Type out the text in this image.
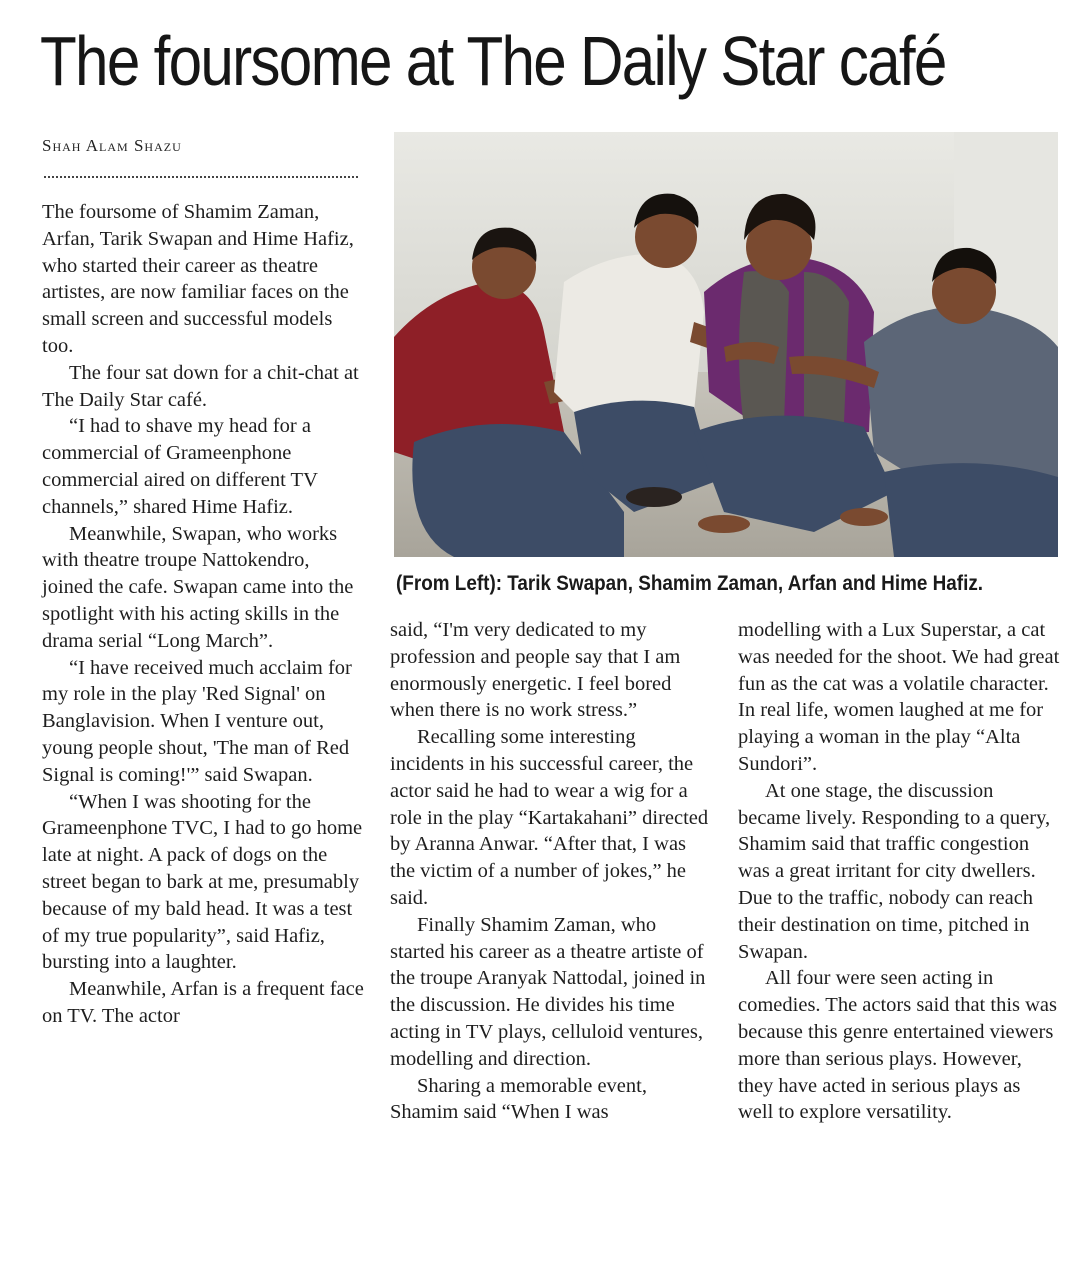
The foursome at The Daily Star café
Shah Alam Shazu

The foursome of Shamim Zaman, Arfan, Tarik Swapan and Hime Hafiz, who started their career as theatre artistes, are now familiar faces on the small screen and successful models too.

The four sat down for a chit-chat at The Daily Star café.

“I had to shave my head for a commercial of Grameenphone commercial aired on different TV channels,” shared Hime Hafiz.

Meanwhile, Swapan, who works with theatre troupe Nattokendro, joined the cafe. Swapan came into the spotlight with his acting skills in the drama serial “Long March”.

“I have received much acclaim for my role in the play 'Red Signal' on Banglavision. When I venture out, young people shout, 'The man of Red Signal is coming!'” said Swapan.

“When I was shooting for the Grameenphone TVC, I had to go home late at night. A pack of dogs on the street began to bark at me, presumably because of my bald head. It was a test of my true popularity”, said Hafiz, bursting into a laughter.

Meanwhile, Arfan is a frequent face on TV. The actor

(From Left): Tarik Swapan, Shamim Zaman, Arfan and Hime Hafiz.

said, “I'm very dedicated to my profession and people say that I am enormously energetic. I feel bored when there is no work stress.”

Recalling some interesting incidents in his successful career, the actor said he had to wear a wig for a role in the play “Kartakahani” directed by Aranna Anwar. “After that, I was the victim of a number of jokes,” he said.

Finally Shamim Zaman, who started his career as a theatre artiste of the troupe Aranyak Nattodal, joined in the discussion. He divides his time acting in TV plays, celluloid ventures, modelling and direction.

Sharing a memorable event, Shamim said “When I was

modelling with a Lux Superstar, a cat was needed for the shoot. We had great fun as the cat was a volatile character. In real life, women laughed at me for playing a woman in the play “Alta Sundori”.

At one stage, the discussion became lively. Responding to a query, Shamim said that traffic congestion was a great irritant for city dwellers. Due to the traffic, nobody can reach their destination on time, pitched in Swapan.

All four were seen acting in comedies. The actors said that this was because this genre entertained viewers more than serious plays. However, they have acted in serious plays as well to explore versatility.
